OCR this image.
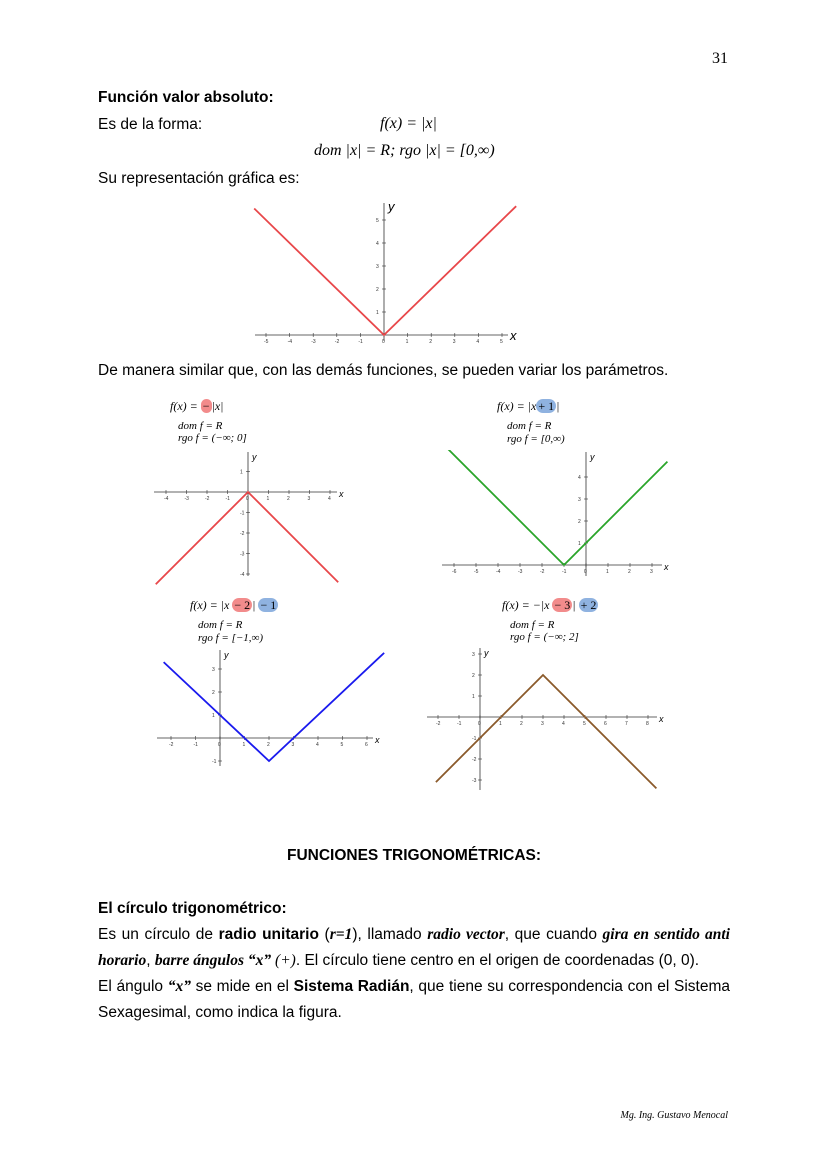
31
Función valor absoluto:
Es de la forma:	f(x) = |x|
dom |x| = R; rgo |x| = [0,∞)
Su representación gráfica es:
x
y
-5	-4	-3	-2	-1	0	1	2	3	4	5
1
2
3
4
5
De manera similar que, con las demás funciones, se pueden variar los parámetros.
f(x) = − |x|
dom f = R
rgo f = (−∞; 0]
x
y
-4	-3	-2	-1	0	1	2	3	4
1
-1
-2
-3
-4
f(x) = |x + 1 |
dom f = R
rgo f = [0,∞)
x
y
-6	-5	-4	-3	-2	-1	0	1	2	3
1
2
3
4
f(x) = |x − 2 | − 1
dom f = R
rgo f = [−1,∞)
x
y
-2	-1	0	1	2	3	4	5	6
1
2
3
-1
f(x) = −|x − 3 | + 2
dom f = R
rgo f = (−∞; 2]
x
y
-2	-1	0	1	2	3	4	5	6	7	8
3
2
1
-1
-2
-3
FUNCIONES TRIGONOMÉTRICAS:
El círculo trigonométrico:
Es un círculo de radio unitario (r=1), llamado radio vector, que cuando gira en sentido anti horario, barre ángulos “x” (+). El círculo tiene centro en el origen de coordenadas (0, 0).
El ángulo “x” se mide en el Sistema Radián, que tiene su correspondencia con el Sistema Sexagesimal, como indica la figura.
Mg. Ing. Gustavo Menocal
